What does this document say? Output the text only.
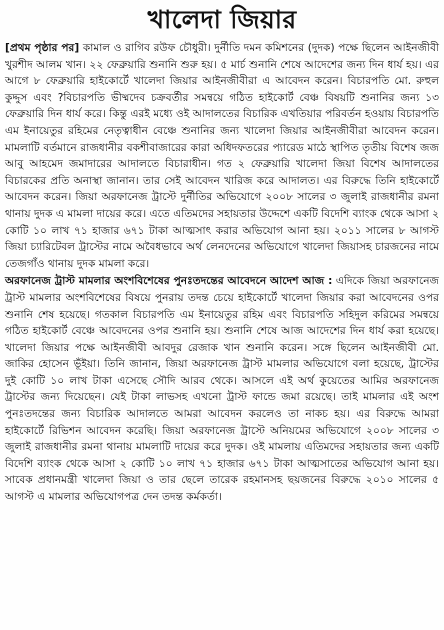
খালেদা জিয়ার

[প্রথম পৃষ্ঠার পর] কামাল ও রাগিব রউফ চৌধুরী। দুর্নীতি দমন কমিশনের (দুদক) পক্ষে ছিলেন আইনজীবী খুরশীদ আলম খান। ২২ ফেব্রুয়ারি শুনানি শুরু হয়। ৫ মার্চ শুনানি শেষে আদেশের জন্য দিন ধার্য হয়। এর আগে ৮ ফেব্রুয়ারি হাইকোর্টে খালেদা জিয়ার আইনজীবীরা এ আবেদন করেন। বিচারপতি মো. রুহুল কুদ্দুস এবং ?বিচারপতি ভীষ্মদেব চক্রবর্তীর সমন্বয়ে গঠিত হাইকোর্ট বেঞ্চ বিষয়টি শুনানির জন্য ১৩ ফেব্রুয়ারি দিন ধার্য করে। কিন্তু এরই মধ্যে ওই আদালতের বিচারিক এখতিয়ার পরিবর্তন হওয়ায় বিচারপতি এম ইনায়েতুর রহিমের নেতৃত্বাধীন বেঞ্চে শুনানির জন্য খালেদা জিয়ার আইনজীবীরা আবেদন করেন। মামলাটি বর্তমানে রাজধানীর বকশীবাজারের কারা অধিদফতরের প্যারেড মাঠে স্থাপিত তৃতীয় বিশেষ জজ আবু আহমেদ জমাদারের আদালতে বিচারাধীন। গত ২ ফেব্রুয়ারি খালেদা জিয়া বিশেষ আদালতের বিচারকের প্রতি অনাস্থা জানান। তার সেই আবেদন খারিজ করে আদালত। এর বিরুদ্ধে তিনি হাইকোর্টে আবেদন করেন। জিয়া অরফানেজ ট্রাস্টে দুর্নীতির অভিযোগে ২০০৮ সালের ৩ জুলাই রাজধানীর রমনা থানায় দুদক এ মামলা দায়ের করে। এতে এতিমদের সহায়তার উদ্দেশে একটি বিদেশি ব্যাংক থেকে আসা ২ কোটি ১০ লাখ ৭১ হাজার ৬৭১ টাকা আত্মসাৎ করার অভিযোগ আনা হয়। ২০১১ সালের ৮ আগস্ট জিয়া চ্যারিটেবল ট্রাস্টের নামে অবৈধভাবে অর্থ লেনদেনের অভিযোগে খালেদা জিয়াসহ চারজনের নামে তেজগাঁও থানায় দুদক মামলা করে।

অরফানেজ ট্রাস্ট মামলার অংশবিশেষের পুনঃতদন্তের আবেদনে আদেশ আজ : এদিকে জিয়া অরফানেজ ট্রাস্ট মামলার অংশবিশেষের বিষয়ে পুনরায় তদন্ত চেয়ে হাইকোর্টে খালেদা জিয়ার করা আবেদনের ওপর শুনানি শেষ হয়েছে। গতকাল বিচারপতি এম ইনায়েতুর রহিম এবং বিচারপতি সহিদুল করিমের সমন্বয়ে গঠিত হাইকোর্ট বেঞ্চে আবেদনের ওপর শুনানি হয়। শুনানি শেষে আজ আদেশের দিন ধার্য করা হয়েছে। খালেদা জিয়ার পক্ষে আইনজীবী আবদুর রেজাক খান শুনানি করেন। সঙ্গে ছিলেন আইনজীবী মো. জাকির হোসেন ভূঁইয়া। তিনি জানান, জিয়া অরফানেজ ট্রাস্ট মামলার অভিযোগে বলা হয়েছে, ট্রাস্টের দুই কোটি ১০ লাখ টাকা এসেছে সৌদি আরব থেকে। আসলে এই অর্থ কুয়েতের আমির অরফানেজ ট্রাস্টের জন্য দিয়েছেন। যেই টাকা লাভসহ এখনো ট্রাস্ট ফান্ডে জমা রয়েছে। তাই মামলার এই অংশ পুনঃতদন্তের জন্য বিচারিক আদালতে আমরা আবেদন করলেও তা নাকচ হয়। এর বিরুদ্ধে আমরা হাইকোর্টে রিভিশন আবেদন করেছি। জিয়া অরফানেজ ট্রাস্টে অনিয়মের অভিযোগে ২০০৮ সালের ৩ জুলাই রাজধানীর রমনা থানায় মামলাটি দায়ের করে দুদক। ওই মামলায় এতিমদের সহায়তার জন্য একটি বিদেশি ব্যাংক থেকে আসা ২ কোটি ১০ লাখ ৭১ হাজার ৬৭১ টাকা আত্মসাতের অভিযোগ আনা হয়। সাবেক প্রধানমন্ত্রী খালেদা জিয়া ও তার ছেলে তারেক রহমানসহ ছয়জনের বিরুদ্ধে ২০১০ সালের ৫ আগস্ট এ মামলার অভিযোগপত্র দেন তদন্ত কর্মকর্তা।
